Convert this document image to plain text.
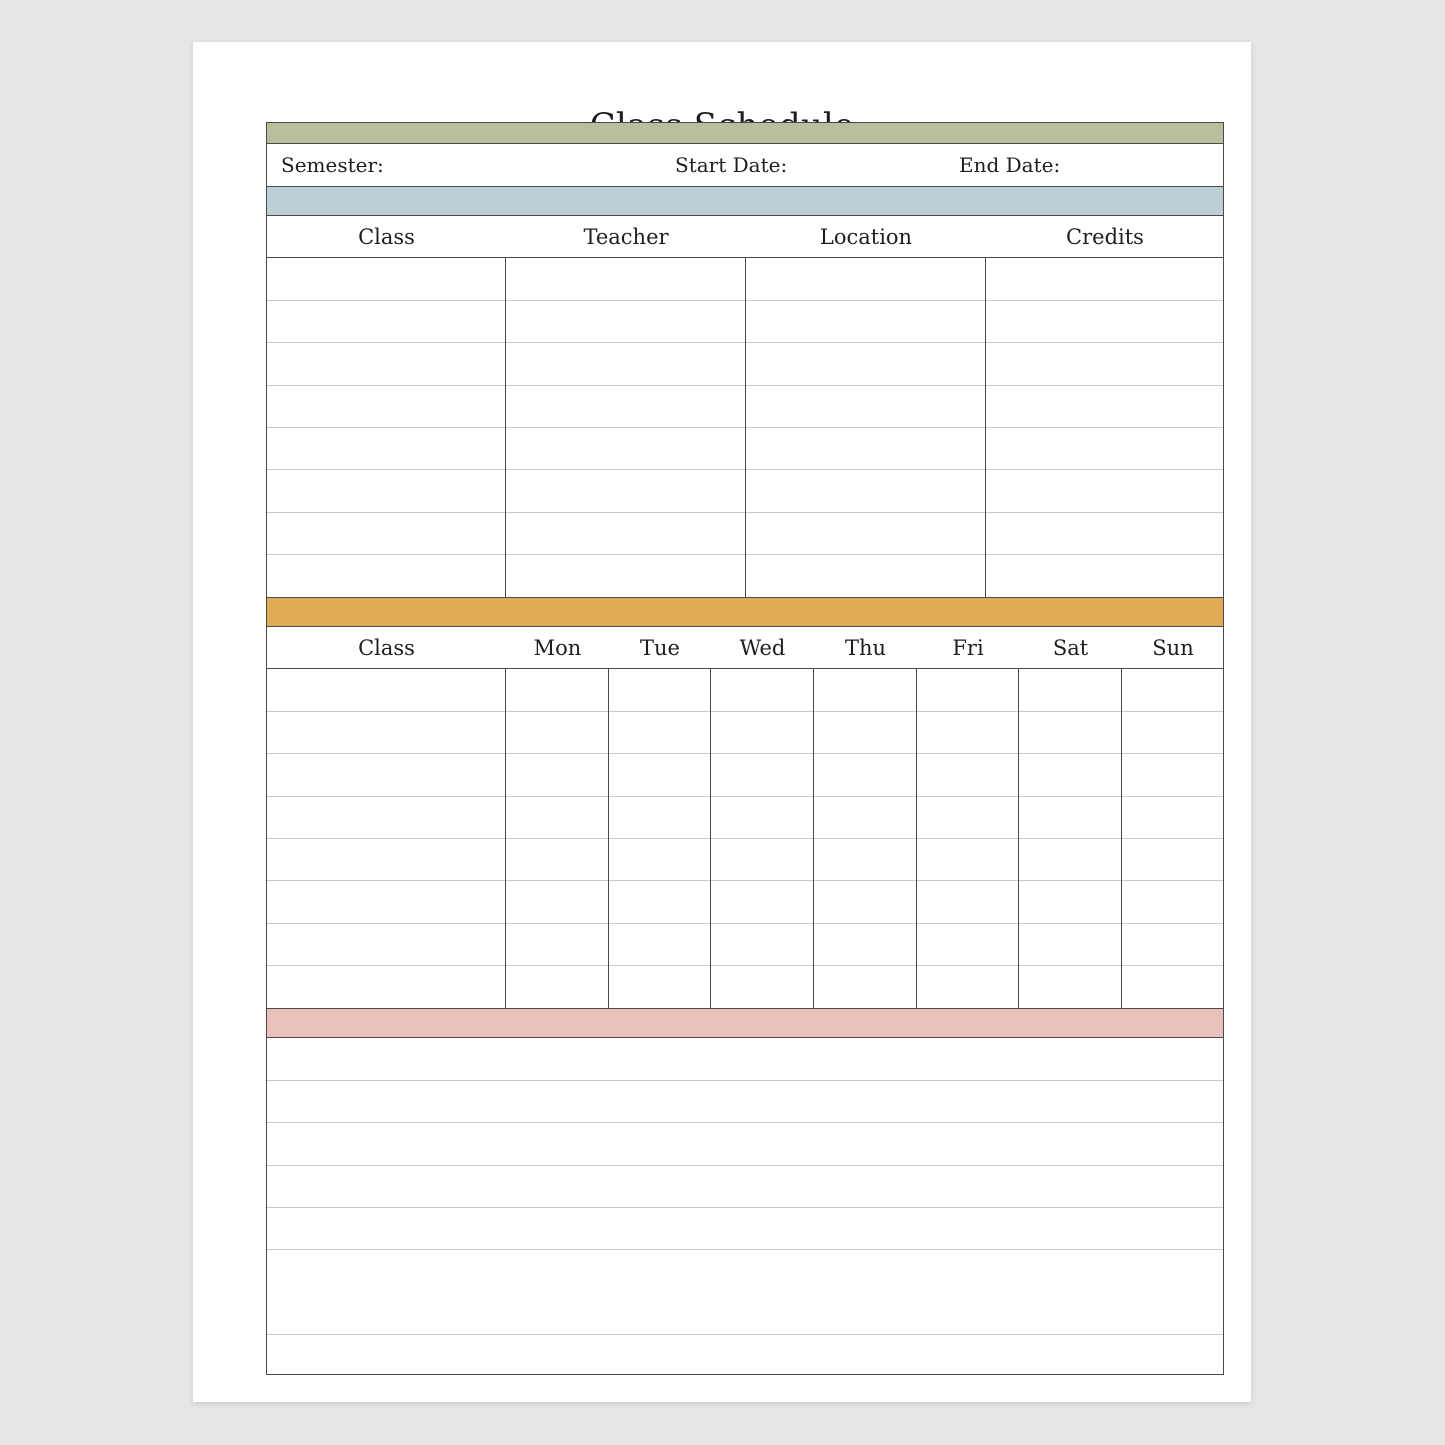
Semester:	Start Date:	End Date:
Class	Teacher	Location	Credits
Class	Mon	Tue	Wed	Thu	Fri	Sat	Sun
